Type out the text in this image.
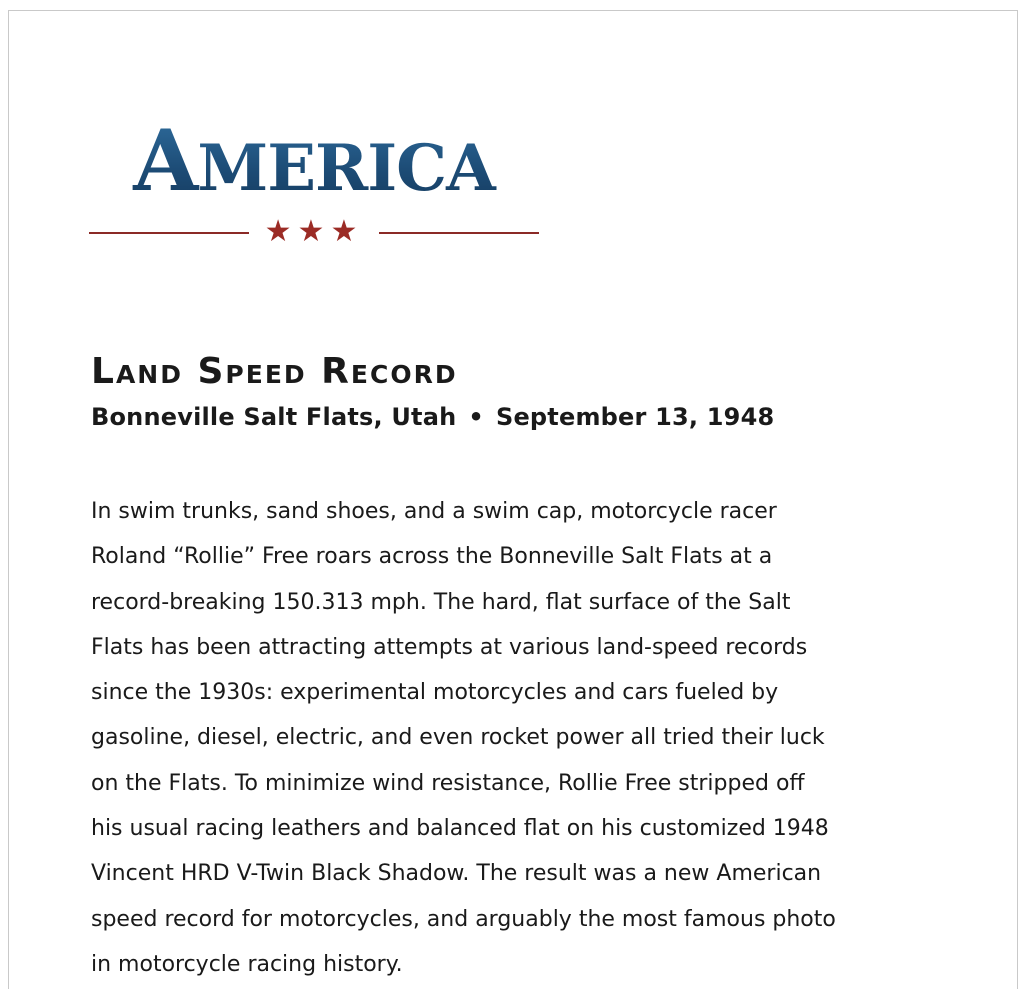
AMERICA
★★★
Land Speed Record

Bonneville Salt Flats, Utah • September 13, 1948

In swim trunks, sand shoes, and a swim cap, motorcycle racer
Roland “Rollie” Free roars across the Bonneville Salt Flats at a
record-breaking 150.313 mph. The hard, flat surface of the Salt
Flats has been attracting attempts at various land-speed records
since the 1930s: experimental motorcycles and cars fueled by
gasoline, diesel, electric, and even rocket power all tried their luck
on the Flats. To minimize wind resistance, Rollie Free stripped off
his usual racing leathers and balanced flat on his customized 1948
Vincent HRD V-Twin Black Shadow. The result was a new American
speed record for motorcycles, and arguably the most famous photo
in motorcycle racing history.
